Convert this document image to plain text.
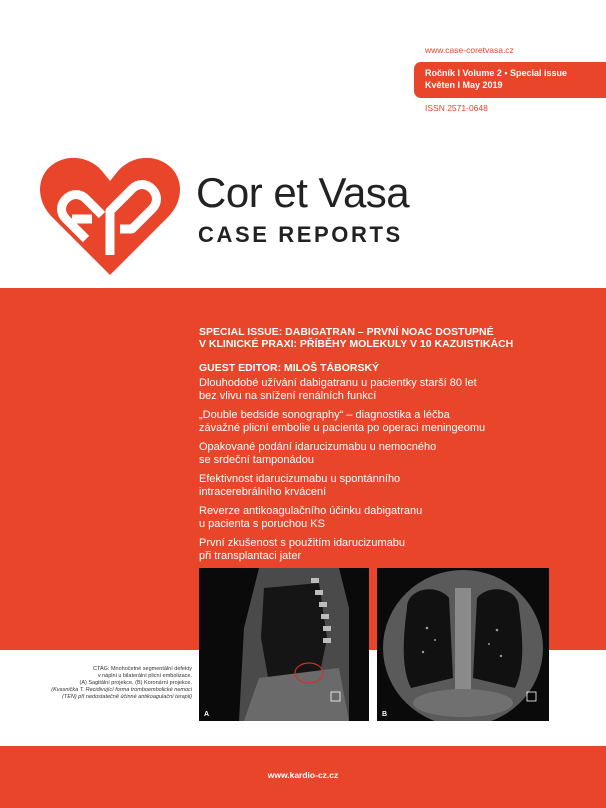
www.case-coretvasa.cz
Ročník I Volume 2 • Special issue
Květen I May 2019
ISSN 2571-0648
Cor et Vasa
CASE REPORTS
SPECIAL ISSUE: DABIGATRAN – PRVNÍ NOAC DOSTUPNÉ
V KLINICKÉ PRAXI: PŘÍBĚHY MOLEKULY V 10 KAZUISTIKÁCH
GUEST EDITOR: MILOŠ TÁBORSKÝ
Dlouhodobé užívání dabigatranu u pacientky starší 80 let
bez vlivu na snížení renálních funkcí
„Double bedside sonography“ – diagnostika a léčba
závažné plicní embolie u pacienta po operaci meningeomu
Opakované podání idarucizumabu u nemocného
se srdeční tamponádou
Efektivnost idarucizumabu u spontánního
intracerebrálního krvácení
Reverze antikoagulačního účinku dabigatranu
u pacienta s poruchou KS
První zkušenost s použitím idarucizumabu
při transplantaci jater
A	B
CTAG: Mnohočetné segmentální defekty
v náplni u bilaterální plicní embolizace.
(A) Sagitální projekce, (B) Koronární projekce.
(Kvasnička T. Recidivující forma tromboembolické nemoci
(TEN) při nedostatečně účinné antikoagulační terapii)
www.kardio-cz.cz
